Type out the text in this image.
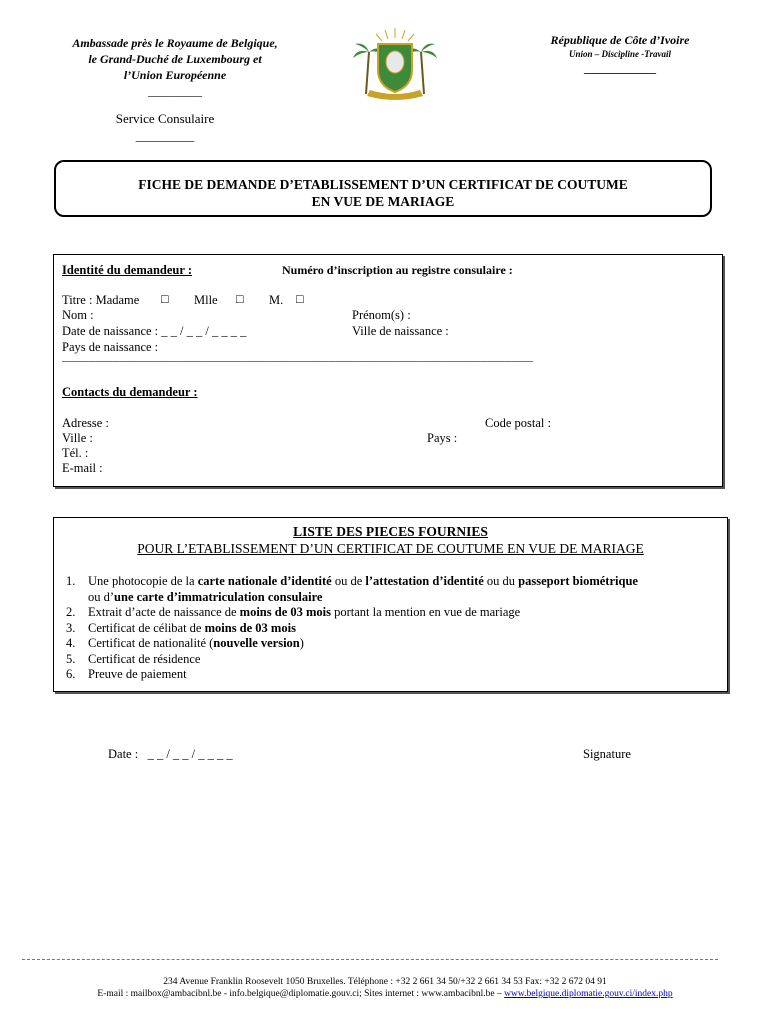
Ambassade près le Royaume de Belgique,
le Grand-Duché de Luxembourg et
l’Union Européenne
_________
Service Consulaire
_________
République de Côte d’Ivoire
Union – Discipline -Travail
_________
FICHE DE DEMANDE D’ETABLISSEMENT D’UN CERTIFICAT DE COUTUME
EN VUE DE MARIAGE
Identité du demandeur :	Numéro d’inscription au registre consulaire :
Titre : Madame □ Mlle □ M. □
Nom :	Prénom(s) :
Date de naissance : _ _ / _ _ / _ _ _ _	Ville de naissance :
Pays de naissance :
________________________________________________________________________________________________
Contacts du demandeur :
Adresse :	Code postal :
Ville :	Pays :
Tél. :
E-mail :
LISTE DES PIECES FOURNIES
POUR L’ETABLISSEMENT D’UN CERTIFICAT DE COUTUME EN VUE DE MARIAGE
1. Une photocopie de la carte nationale d’identité ou de l’attestation d’identité ou du passeport biométrique
ou d’une carte d’immatriculation consulaire
2. Extrait d’acte de naissance de moins de 03 mois portant la mention en vue de mariage
3. Certificat de célibat de moins de 03 mois
4. Certificat de nationalité (nouvelle version)
5. Certificat de résidence
6. Preuve de paiement
Date :   _ _ / _ _ / _ _ _ _	Signature
234 Avenue Franklin Roosevelt 1050 Bruxelles. Téléphone : +32 2 661 34 50/+32 2 661 34 53 Fax: +32 2 672 04 91
E-mail : mailbox@ambacibnl.be - info.belgique@diplomatie.gouv.ci; Sites internet : www.ambacibnl.be – www.belgique.diplomatie.gouv.ci/index.php
